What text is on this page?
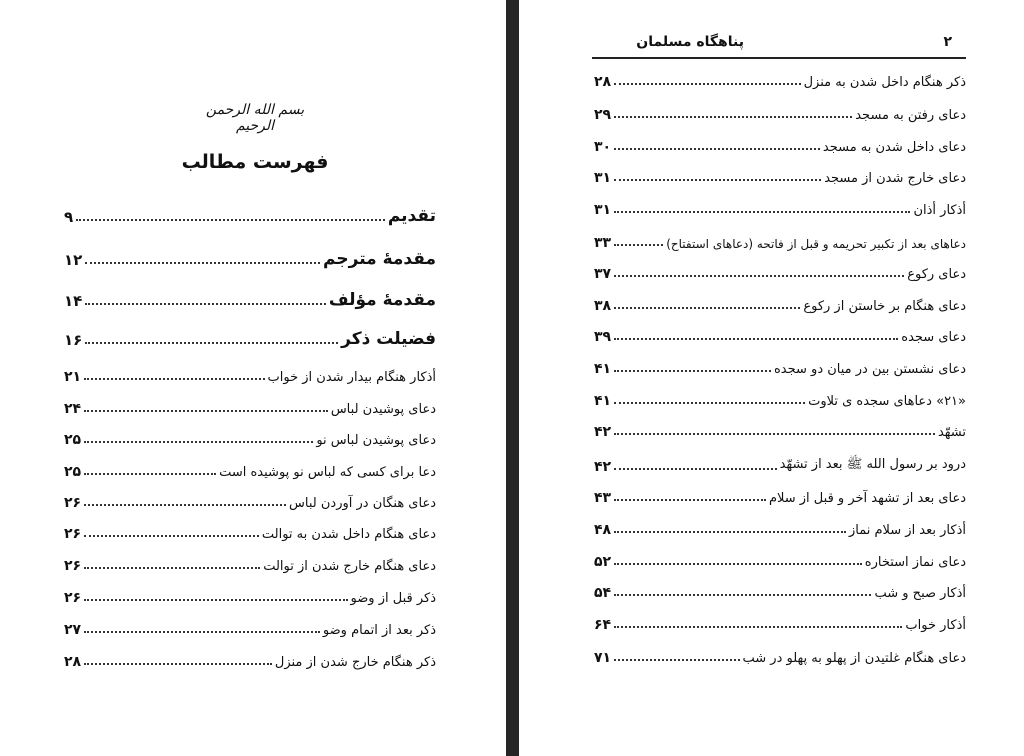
بسم الله الرحمن الرحيم
فهرست مطالب
تقديم
۹
مقدمۀ مترجم
۱۲
مقدمۀ مؤلف
۱۴
فضيلت ذكر
۱۶
أذكار هنگام بيدار شدن از خواب
۲۱
دعای پوشيدن لباس
۲۴
دعای پوشيدن لباس نو
۲۵
دعا برای كسی كه لباس نو پوشيده است
۲۵
دعای هنگان در آوردن لباس
۲۶
دعای هنگام داخل شدن به توالت
۲۶
دعای هنگام خارج شدن از توالت
۲۶
ذكر قبل از وضو
۲۶
ذكر بعد از اتمام وضو
۲۷
ذكر هنگام خارج شدن از منزل
۲۸
۲
پناهگاه مسلمان
ذكر هنگام داخل شدن به منزل
۲۸
دعای رفتن به مسجد
۲۹
دعای داخل شدن به مسجد
۳۰
دعای خارج شدن از مسجد
۳۱
أذكار أذان
۳۱
دعاهای بعد از تكبير تحريمه و قبل از فاتحه (دعاهای استفتاح)
۳۳
دعای ركوع
۳۷
دعای هنگام بر خاستن از ركوع
۳۸
دعای سجده
۳۹
دعای نشستن بين در ميان دو سجده
۴۱
«۲۱» دعاهای سجده ی تلاوت
۴۱
تشهّد
۴۲
درود بر رسول الله ﷺ بعد از تشهّد
۴۲
دعای بعد از تشهد آخر و قبل از سلام
۴۳
أذكار بعد از سلام نماز
۴۸
دعای نماز استخاره
۵۲
أذكار صبح و شب
۵۴
أذكار خواب
۶۴
دعای هنگام غلتيدن از پهلو به پهلو در شب
۷۱
